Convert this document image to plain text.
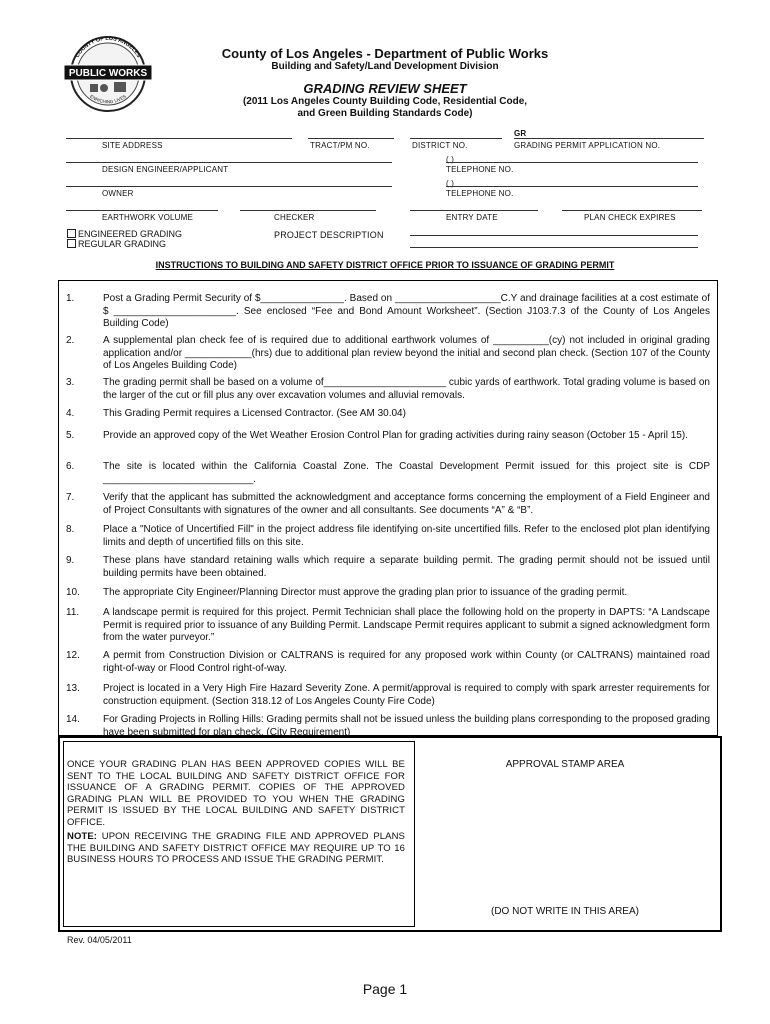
COUNTY OF LOS ANGELES
PUBLIC WORKS
ENRICHING LIVES
County of Los Angeles - Department of Public Works
Building and Safety/Land Development Division
GRADING REVIEW SHEET
(2011 Los Angeles County Building Code, Residential Code,
and Green Building Standards Code)
SITE ADDRESS	TRACT/PM NO.	DISTRICT NO.
GR
GRADING PERMIT APPLICATION NO.
DESIGN ENGINEER/APPLICANT
( )
TELEPHONE NO.
OWNER
( )
TELEPHONE NO.
EARTHWORK VOLUME	CHECKER	ENTRY DATE	PLAN CHECK EXPIRES
ENGINEERED GRADING
REGULAR GRADING
PROJECT DESCRIPTION
INSTRUCTIONS TO BUILDING AND SAFETY DISTRICT OFFICE PRIOR TO ISSUANCE OF GRADING PERMIT
1.	Post a Grading Permit Security of $_______________. Based on ___________________C.Y and drainage facilities at a cost estimate of $ ______________________. See enclosed “Fee and Bond Amount Worksheet”. (Section J103.7.3 of the County of Los Angeles Building Code)
2.	A supplemental plan check fee of is required due to additional earthwork volumes of __________(cy) not included in original grading application and/or ____________(hrs) due to additional plan review beyond the initial and second plan check. (Section 107 of the County of Los Angeles Building Code)
3.	The grading permit shall be based on a volume of______________________ cubic yards of earthwork. Total grading volume is based on the larger of the cut or fill plus any over excavation volumes and alluvial removals.
4.	This Grading Permit requires a Licensed Contractor. (See AM 30.04)
5.	Provide an approved copy of the Wet Weather Erosion Control Plan for grading activities during rainy season (October 15 - April 15).
6.	The site is located within the California Coastal Zone. The Coastal Development Permit issued for this project site is CDP ___________________________.
7.	Verify that the applicant has submitted the acknowledgment and acceptance forms concerning the employment of a Field Engineer and of Project Consultants with signatures of the owner and all consultants. See documents “A” & “B”.
8.	Place a "Notice of Uncertified Fill" in the project address file identifying on-site uncertified fills. Refer to the enclosed plot plan identifying limits and depth of uncertified fills on this site.
9.	These plans have standard retaining walls which require a separate building permit. The grading permit should not be issued until building permits have been obtained.
10. The appropriate City Engineer/Planning Director must approve the grading plan prior to issuance of the grading permit.
11. A landscape permit is required for this project. Permit Technician shall place the following hold on the property in DAPTS: “A Landscape Permit is required prior to issuance of any Building Permit. Landscape Permit requires applicant to submit a signed acknowledgment form from the water purveyor.”
12. A permit from Construction Division or CALTRANS is required for any proposed work within County (or CALTRANS) maintained road right-of-way or Flood Control right-of-way.
13. Project is located in a Very High Fire Hazard Severity Zone. A permit/approval is required to comply with spark arrester requirements for construction equipment. (Section 318.12 of Los Angeles County Fire Code)
14. For Grading Projects in Rolling Hills: Grading permits shall not be issued unless the building plans corresponding to the proposed grading have been submitted for plan check. (City Requirement)
ONCE YOUR GRADING PLAN HAS BEEN APPROVED COPIES WILL BE SENT TO THE LOCAL BUILDING AND SAFETY DISTRICT OFFICE FOR ISSUANCE OF A GRADING PERMIT. COPIES OF THE APPROVED GRADING PLAN WILL BE PROVIDED TO YOU WHEN THE GRADING PERMIT IS ISSUED BY THE LOCAL BUILDING AND SAFETY DISTRICT OFFICE.
NOTE: UPON RECEIVING THE GRADING FILE AND APPROVED PLANS THE BUILDING AND SAFETY DISTRICT OFFICE MAY REQUIRE UP TO 16 BUSINESS HOURS TO PROCESS AND ISSUE THE GRADING PERMIT.
APPROVAL STAMP AREA
(DO NOT WRITE IN THIS AREA)
Rev. 04/05/2011
Page 1
